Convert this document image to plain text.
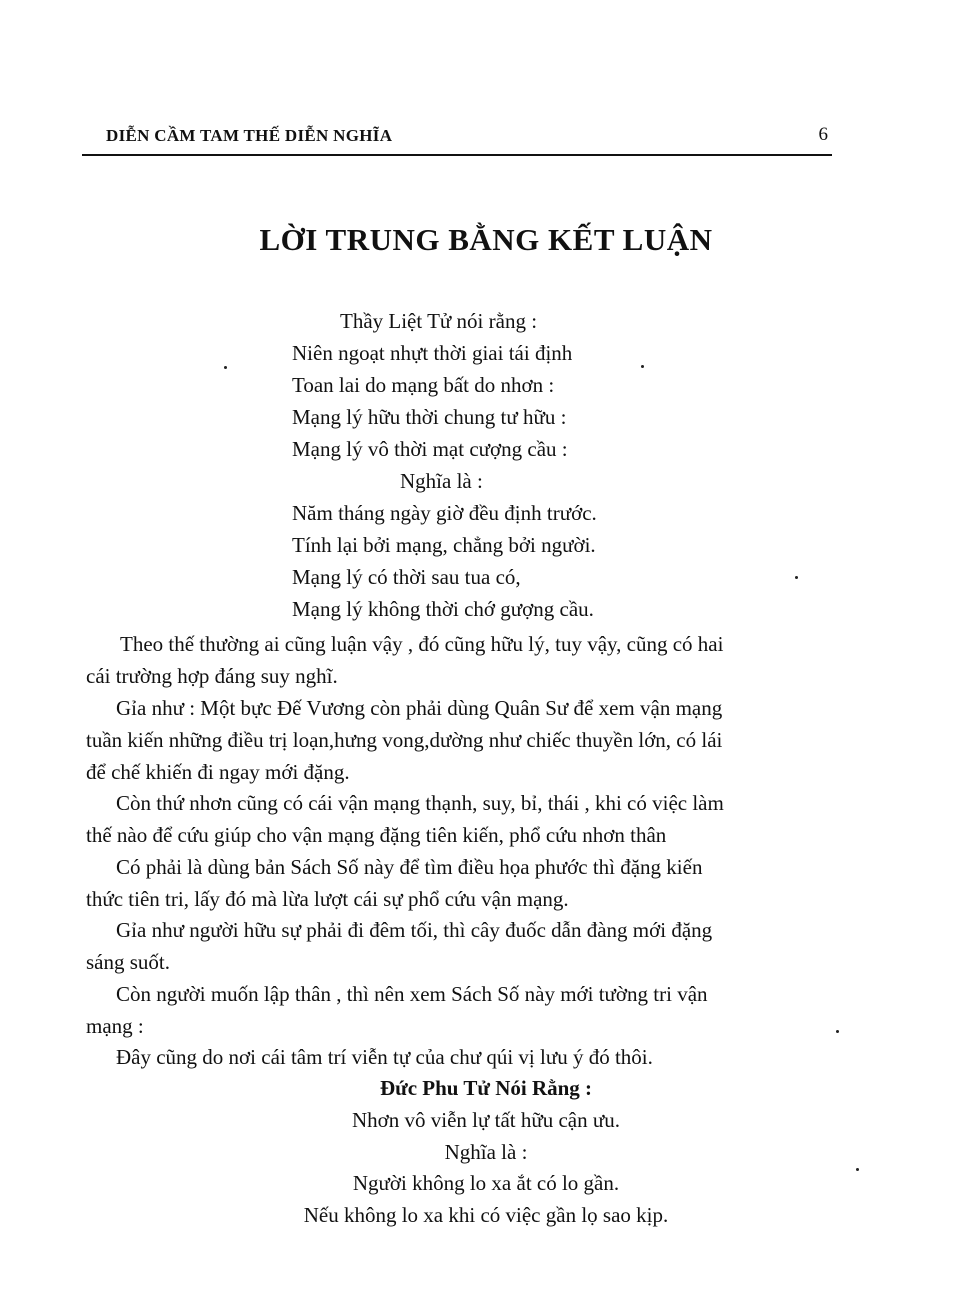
DIỄN CẦM TAM THẾ DIỄN NGHĨA	6
LỜI TRUNG BẰNG KẾT LUẬN
Thầy Liệt Tử nói rằng :
Niên ngoạt nhựt thời giai tái định
Toan lai do mạng bất do nhơn :
Mạng lý hữu thời chung tư hữu :
Mạng lý vô thời mạt cượng cầu :
Nghĩa là :
Năm tháng ngày giờ đều định trước.
Tính lại bởi mạng, chẳng bởi người.
Mạng lý có thời sau tua có,
Mạng lý không thời chớ gượng cầu.
Theo thế thường ai cũng luận vậy , đó cũng hữu lý, tuy vậy, cũng có hai
cái trường hợp đáng suy nghĩ.
Gỉa như : Một bực Đế Vương còn phải dùng Quân Sư để xem vận mạng
tuần kiến những điều trị loạn,hưng vong,dường như chiếc thuyền lớn, có lái
để chế khiến đi ngay mới đặng.
Còn thứ nhơn cũng có cái vận mạng thạnh, suy, bỉ, thái , khi có việc làm
thế nào để cứu giúp cho vận mạng đặng tiên kiến, phổ cứu nhơn thân
Có phải là dùng bản Sách Số này để tìm điều họa phước thì đặng kiến
thức tiên tri, lấy đó mà lừa lượt cái sự phổ cứu vận mạng.
Gỉa như người hữu sự phải đi đêm tối, thì cây đuốc dẫn đàng mới đặng
sáng suốt.
Còn người muốn lập thân , thì nên xem Sách Số này mới tường tri vận
mạng :
Đây cũng do nơi cái tâm trí viễn tự của chư qúi vị lưu ý đó thôi.
Đức Phu Tử Nói Rằng :
Nhơn vô viễn lự tất hữu cận ưu.
Nghĩa là :
Người không lo xa ắt có lo gần.
Nếu không lo xa khi có việc gần lọ sao kịp.
